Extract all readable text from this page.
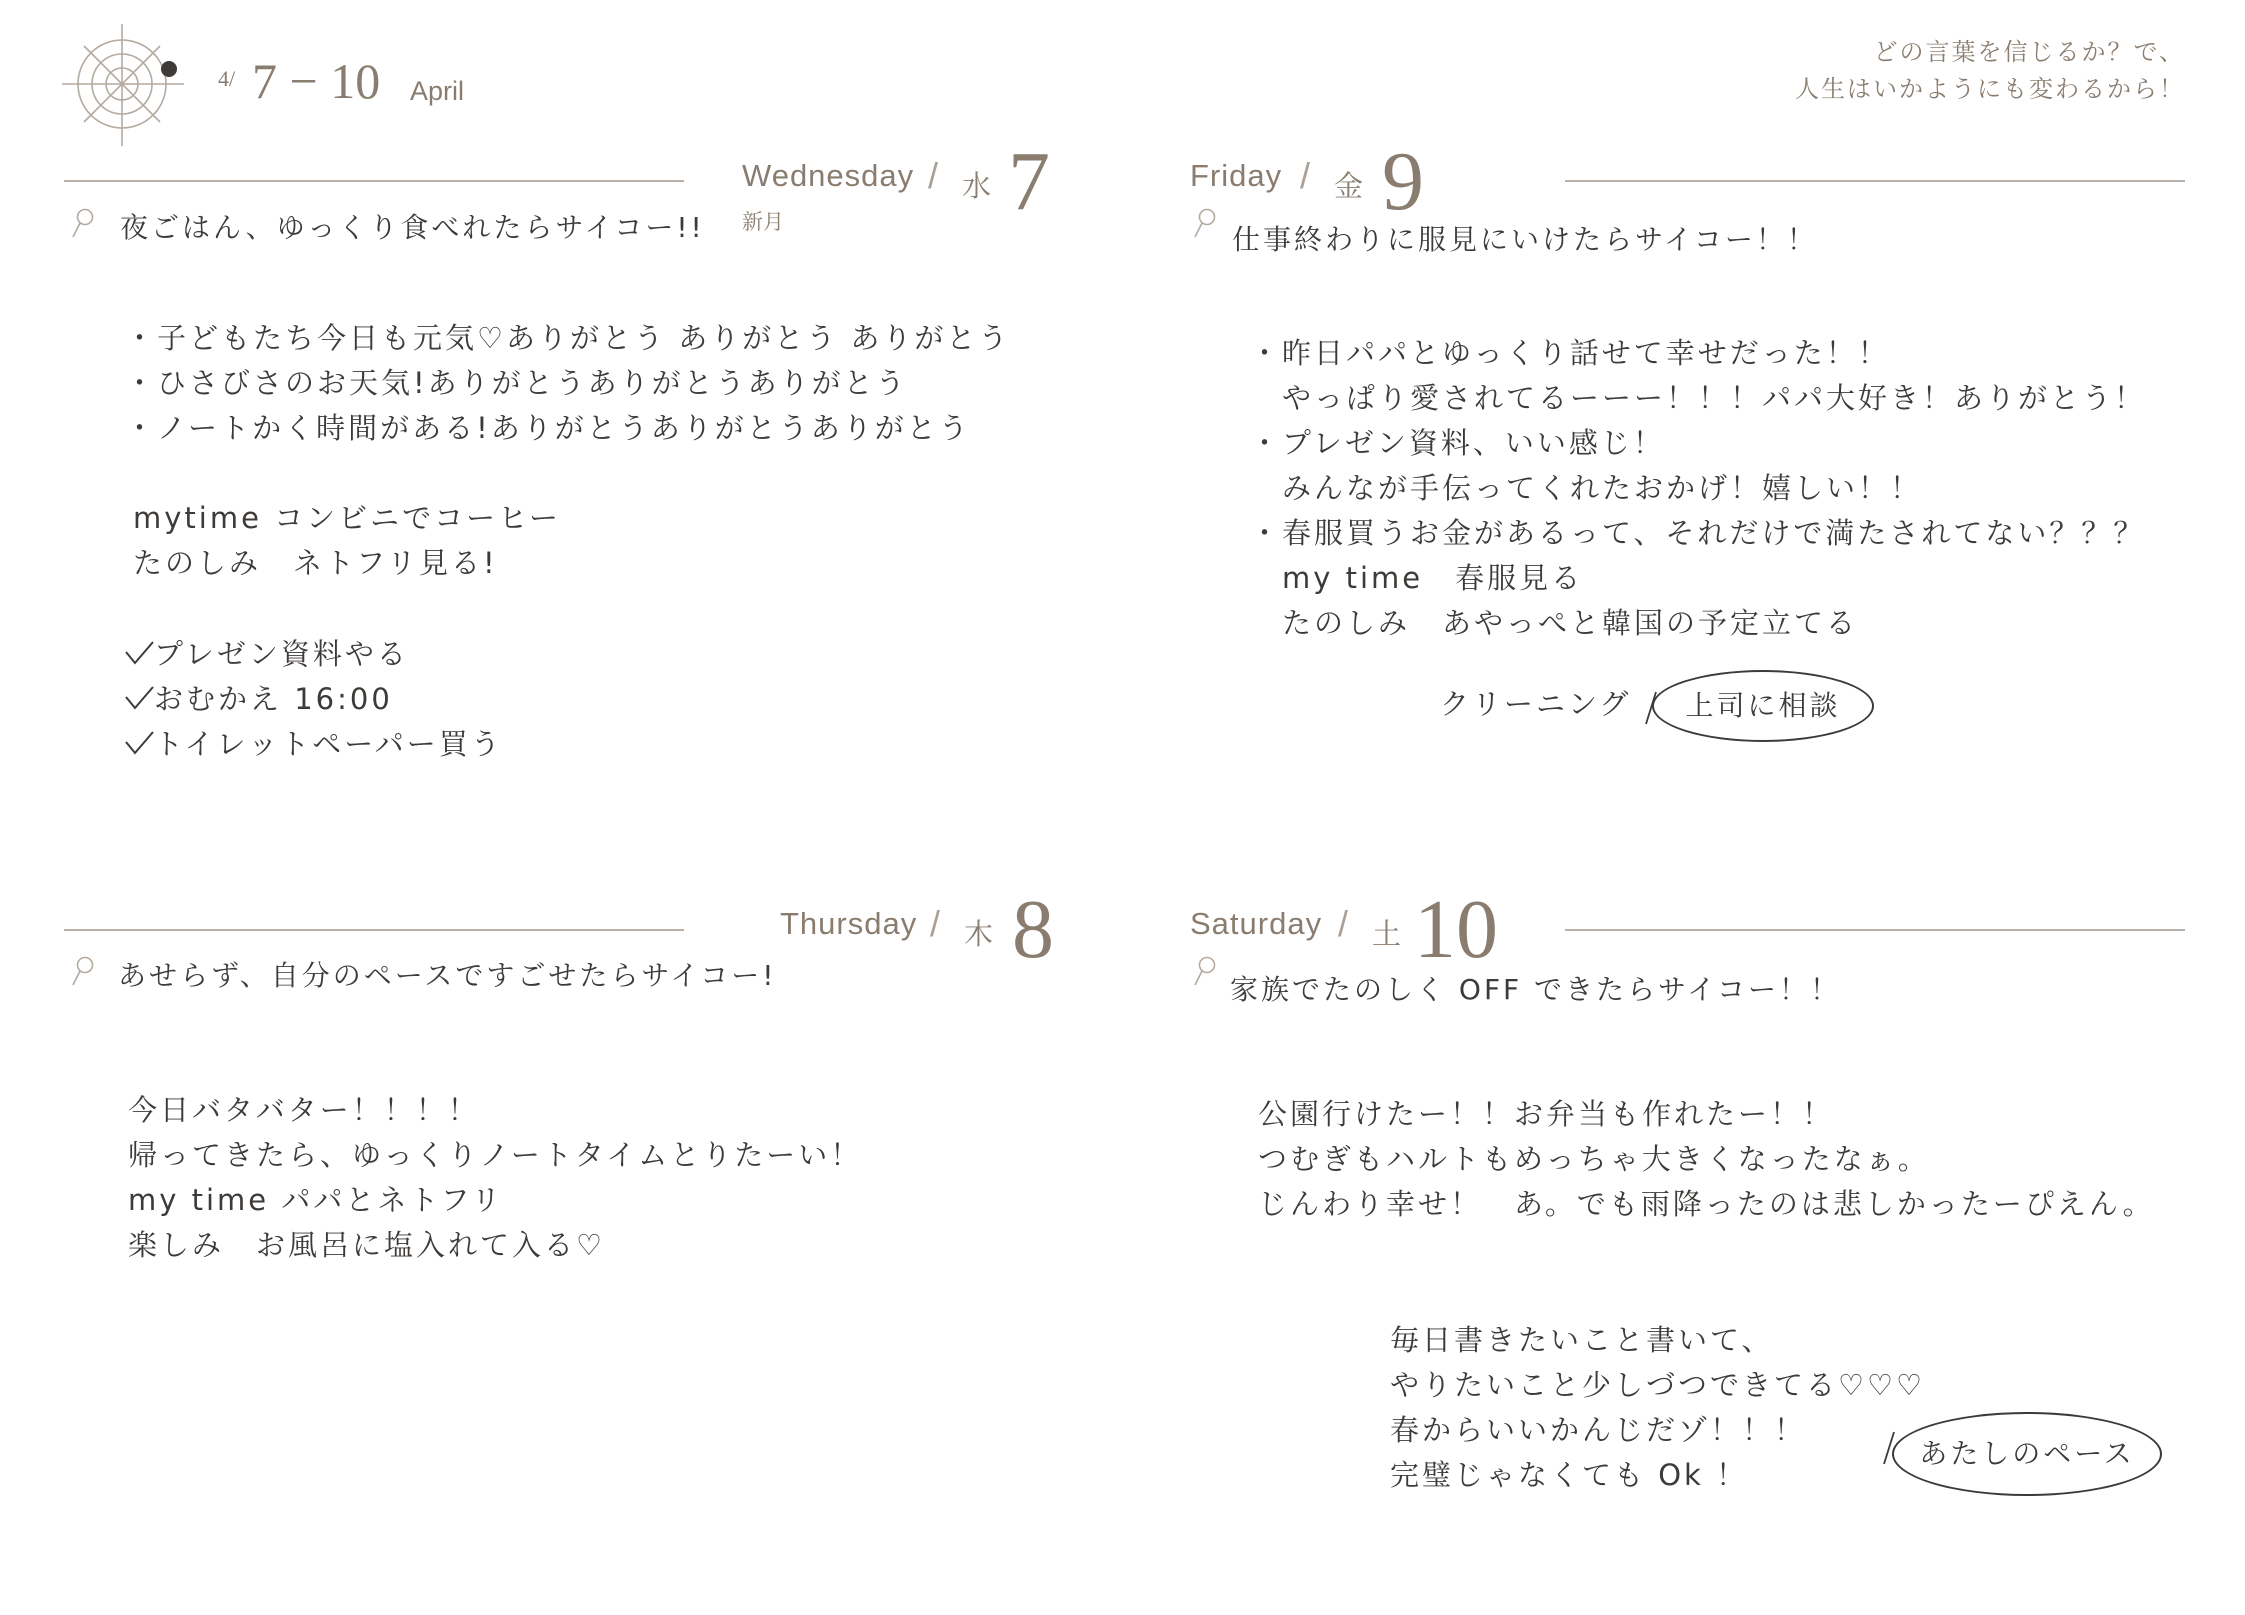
4/ 7 − 10 April
どの言葉を信じるか？で、
人生はいかようにも変わるから！
Wednesday / 水 7
新月
夜ごはん、ゆっくり食べれたらサイコー!!
・子どもたち今日も元気♡ありがとう ありがとう ありがとう
・ひさびさのお天気!ありがとうありがとうありがとう
・ノートかく時間がある!ありがとうありがとうありがとう
mytime コンビニでコーヒー
たのしみ　ネトフリ見る!
プレゼン資料やる
おむかえ 16:00
トイレットペーパー買う
Thursday / 木 8
あせらず、自分のペースですごせたらサイコー!
今日バタバター！！！！
帰ってきたら、ゆっくりノートタイムとりたーい！
my time パパとネトフリ
楽しみ　お風呂に塩入れて入る♡
Friday / 金 9
仕事終わりに服見にいけたらサイコー！！
・昨日パパとゆっくり話せて幸せだった！！
　やっぱり愛されてるーーー！！！パパ大好き！ありがとう！
・プレゼン資料、いい感じ！
　みんなが手伝ってくれたおかげ！嬉しい！！
・春服買うお金があるって、それだけで満たされてない？？？
　my time　春服見る
　たのしみ　あやっぺと韓国の予定立てる
クリーニング	上司に相談
Saturday / 土 10
家族でたのしく OFF できたらサイコー！！
公園行けたー！！お弁当も作れたー！！
つむぎもハルトもめっちゃ大きくなったなぁ。
じんわり幸せ！　あ。でも雨降ったのは悲しかったーぴえん。
毎日書きたいこと書いて、
やりたいこと少しづつできてる♡♡♡
春からいいかんじだゾ！！！
完璧じゃなくても Ok ！
あたしのペース
